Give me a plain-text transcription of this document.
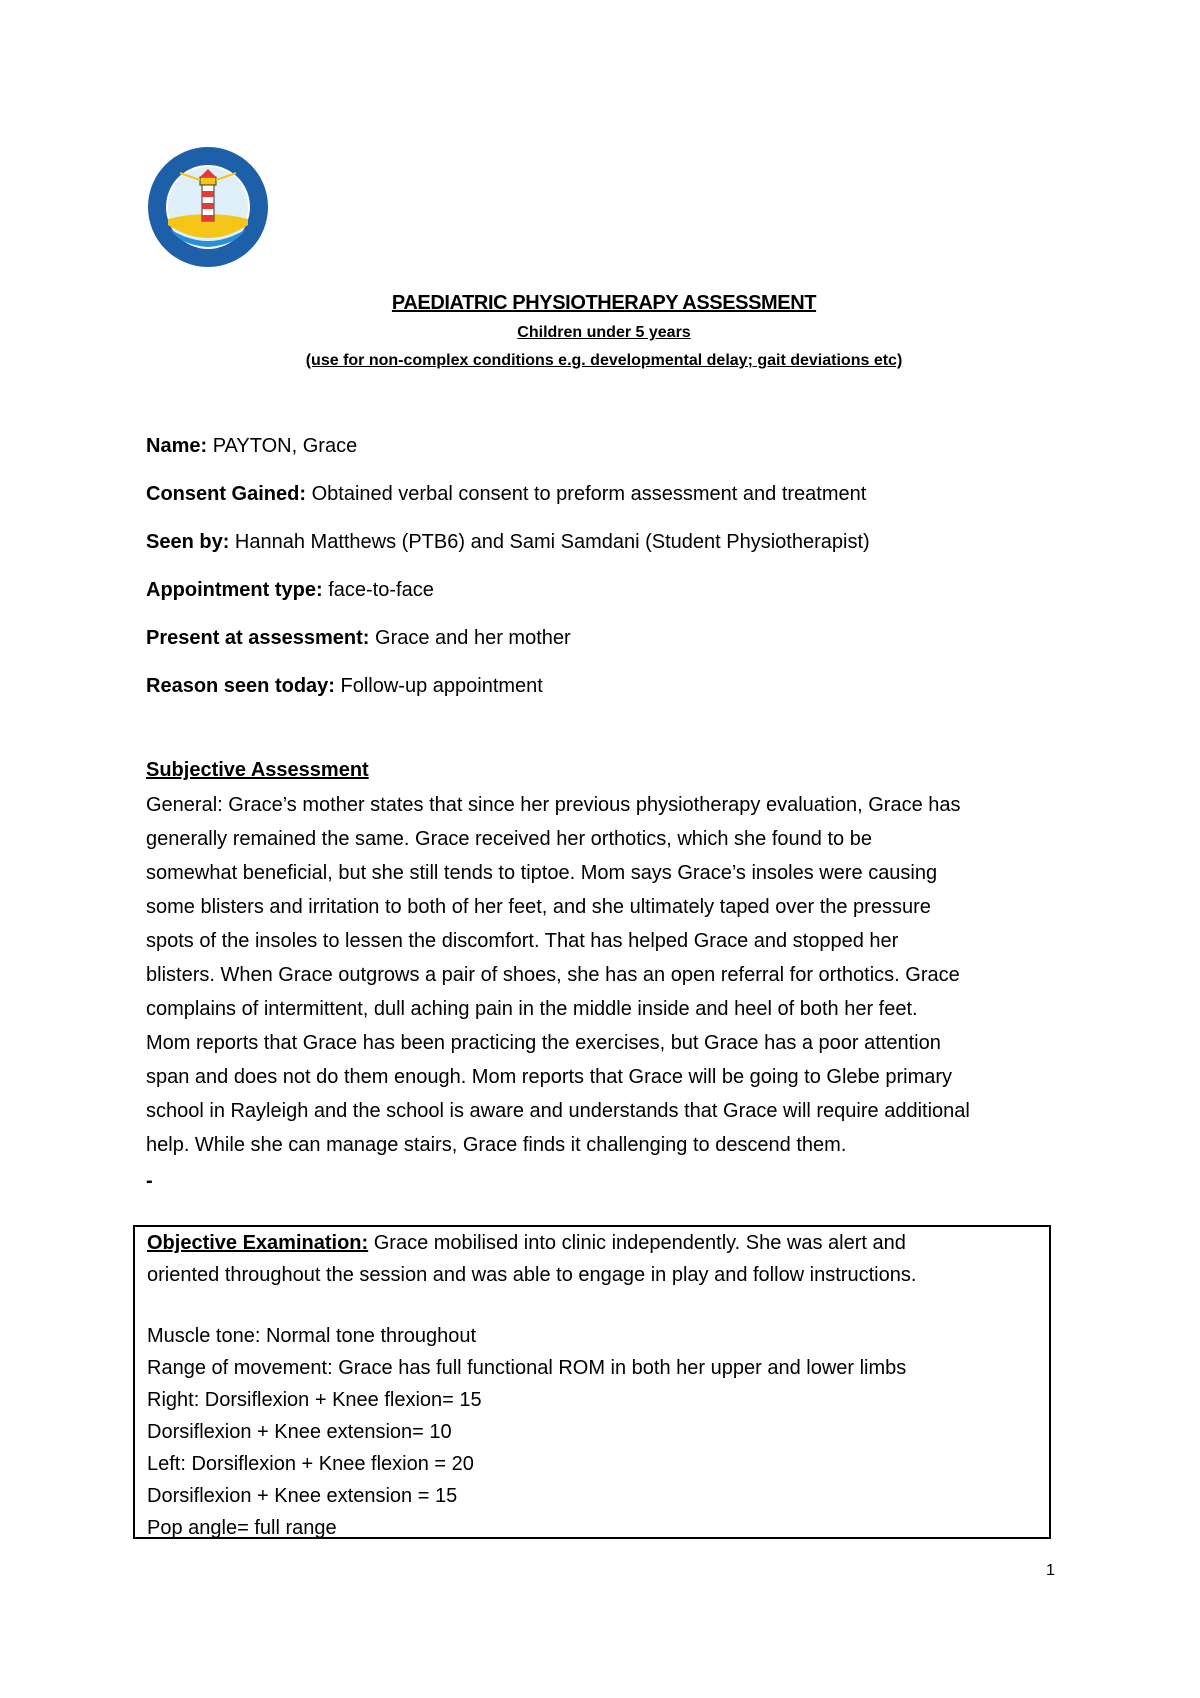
PAEDIATRIC PHYSIOTHERAPY ASSESSMENT
Children under 5 years
(use for non-complex conditions e.g. developmental delay; gait deviations etc)
Name: PAYTON, Grace
Consent Gained: Obtained verbal consent to preform assessment and treatment
Seen by: Hannah Matthews (PTB6) and Sami Samdani (Student Physiotherapist)
Appointment type: face-to-face
Present at assessment: Grace and her mother
Reason seen today: Follow-up appointment
Subjective Assessment
General: Grace’s mother states that since her previous physiotherapy evaluation, Grace has
generally remained the same. Grace received her orthotics, which she found to be
somewhat beneficial, but she still tends to tiptoe. Mom says Grace’s insoles were causing
some blisters and irritation to both of her feet, and she ultimately taped over the pressure
spots of the insoles to lessen the discomfort. That has helped Grace and stopped her
blisters. When Grace outgrows a pair of shoes, she has an open referral for orthotics. Grace
complains of intermittent, dull aching pain in the middle inside and heel of both her feet.
Mom reports that Grace has been practicing the exercises, but Grace has a poor attention
span and does not do them enough. Mom reports that Grace will be going to Glebe primary
school in Rayleigh and the school is aware and understands that Grace will require additional
help. While she can manage stairs, Grace finds it challenging to descend them.
-
Objective Examination: Grace mobilised into clinic independently. She was alert and
oriented throughout the session and was able to engage in play and follow instructions.
Muscle tone: Normal tone throughout
Range of movement: Grace has full functional ROM in both her upper and lower limbs
Right: Dorsiflexion + Knee flexion= 15
Dorsiflexion + Knee extension= 10
Left: Dorsiflexion + Knee flexion = 20
Dorsiflexion + Knee extension = 15
Pop angle= full range
1
